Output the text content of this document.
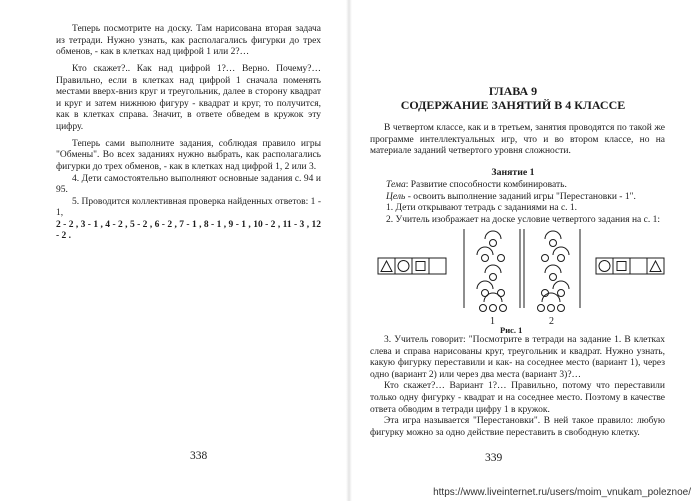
Теперь посмотрите на доску. Там нарисована вторая задача из тетради. Нужно узнать, как располагались фигурки до трех обменов, - как в клетках над цифрой 1 или 2?…

Кто скажет?.. Как над цифрой 1?… Верно. Почему?… Правильно, если в клетках над цифрой 1 сначала поменять местами вверх-вниз круг и треугольник, далее в сторону квадрат и круг и затем нижнюю фигуру - квадрат и круг, то получится, как в клетках справа. Значит, в ответе обведем в кружок эту цифру.

Теперь сами выполните задания, соблюдая правило игры "Обмены". Во всех заданиях нужно выбрать, как располагались фигурки до трех обменов, - как в клетках над цифрой 1, 2 или 3.

4. Дети самостоятельно выполняют основные задания с. 94 и 95.

5. Проводится коллективная проверка найденных ответов: 1 - 1,

2 - 2 , 3 - 1 , 4 - 2 , 5 - 2 , 6 - 2 , 7 - 1 , 8 - 1 , 9 - 1 , 10 - 2 , 11 - 3 , 12 - 2 .

338
ГЛАВА 9
СОДЕРЖАНИЕ ЗАНЯТИЙ В 4 КЛАССЕ

В четвертом классе, как и в третьем, занятия проводятся по такой же программе интеллектуальных игр, что и во втором классе, но на материале заданий четвертого уровня сложности.

Занятие 1

Тема: Развитие способности комбинировать.

Цель - освоить выполнение заданий игры "Перестановки - 1".

1. Дети открывают тетрадь с заданиями на с. 1.

2. Учитель изображает на доске условие четвертого задания на с. 1:

1	2
Рис. 1

3. Учитель говорит: "Посмотрите в тетради на задание 1. В клетках слева и справа нарисованы круг, треугольник и квадрат. Нужно узнать, какую фигурку переставили и как- на соседнее место (вариант 1), через одно (вариант 2) или через два места (вариант 3)?…

Кто скажет?… Вариант 1?… Правильно, потому что переставили только одну фигурку - квадрат и на соседнее место. Поэтому в качестве ответа обводим в тетради цифру 1 в кружок.

Эта игра называется "Перестановки". В ней такое правило: любую фигурку можно за одно действие переставить в свободную клетку.

339
https://www.liveinternet.ru/users/moim_vnukam_poleznoe/
